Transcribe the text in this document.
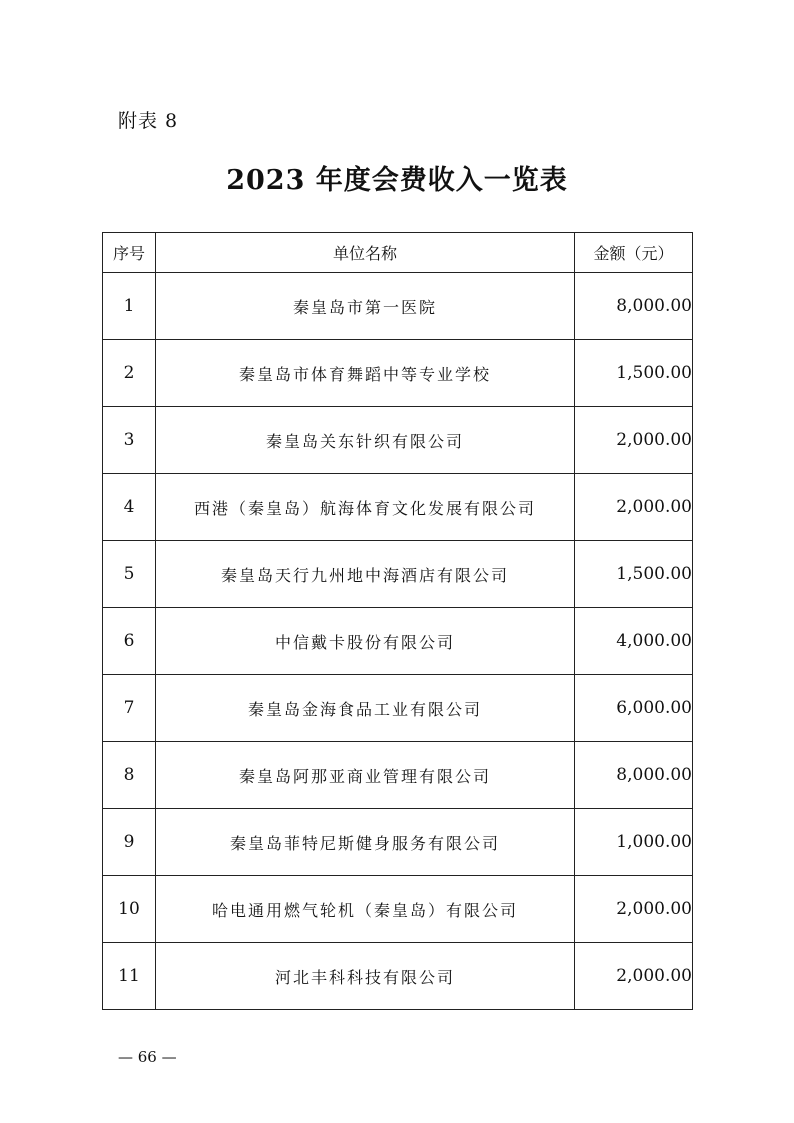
附表 8
2023 年度会费收入一览表
序号	单位名称	金额（元）
1	秦皇岛市第一医院	8,000.00
2	秦皇岛市体育舞蹈中等专业学校	1,500.00
3	秦皇岛关东针织有限公司	2,000.00
4	西港（秦皇岛）航海体育文化发展有限公司	2,000.00
5	秦皇岛天行九州地中海酒店有限公司	1,500.00
6	中信戴卡股份有限公司	4,000.00
7	秦皇岛金海食品工业有限公司	6,000.00
8	秦皇岛阿那亚商业管理有限公司	8,000.00
9	秦皇岛菲特尼斯健身服务有限公司	1,000.00
10	哈电通用燃气轮机（秦皇岛）有限公司	2,000.00
11	河北丰科科技有限公司	2,000.00
— 66 —
